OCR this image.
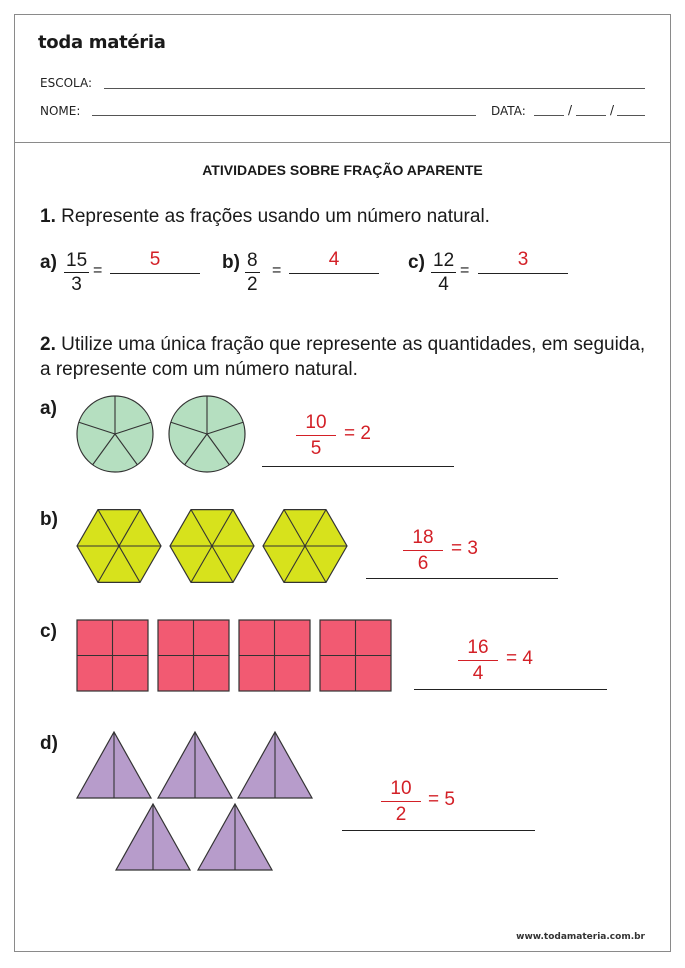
toda matéria
ESCOLA:
NOME:	DATA:	/	/
ATIVIDADES SOBRE FRAÇÃO APARENTE
1. Represente as frações usando um número natural.
$a) \frac{15}{3}$ =
5	$b) \frac{8}{2}$ =
4	$c) \frac{12}{4}$ =
3
2. Utilize uma única fração que represente as quantidades, em seguida, a represente com um número natural.
a)
$\frac{10}{5} = 2$
b)
$\frac{18}{6} = 3$
c)
$\frac{16}{4} = 4$
d)
$\frac{10}{2} = 5$
www.todamateria.com.br
